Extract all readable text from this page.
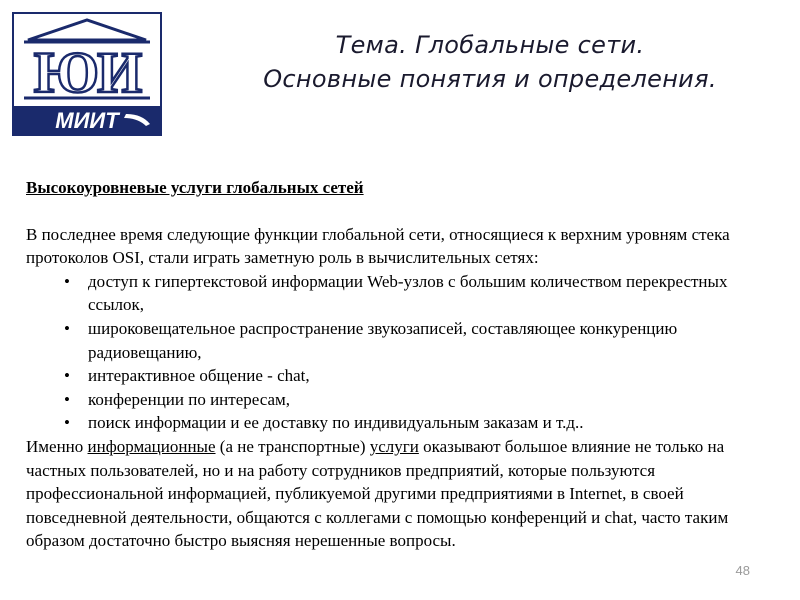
ЮИ
МИИТ
Тема. Глобальные сети.
Основные понятия и определения.
Высокоуровневые услуги глобальных сетей

В последнее время следующие функции глобальной сети, относящиеся к верхним уровням стека протоколов OSI, стали играть заметную роль в вычислительных сетях:

• доступ к гипертекстовой информации Web-узлов с большим количеством перекрестных ссылок,
• широковещательное распространение звукозаписей, составляющее конкуренцию радиовещанию,
• интерактивное общение - chat,
• конференции по интересам,
• поиск информации и ее доставку по индивидуальным заказам и т.д..

Именно информационные (а не транспортные) услуги оказывают большое влияние не только на частных пользователей, но и на работу сотрудников предприятий, которые пользуются профессиональной информацией, публикуемой другими предприятиями в Internet, в своей повседневной деятельности, общаются с коллегами с помощью конференций и chat, часто таким образом достаточно быстро выясняя нерешенные вопросы.

48
